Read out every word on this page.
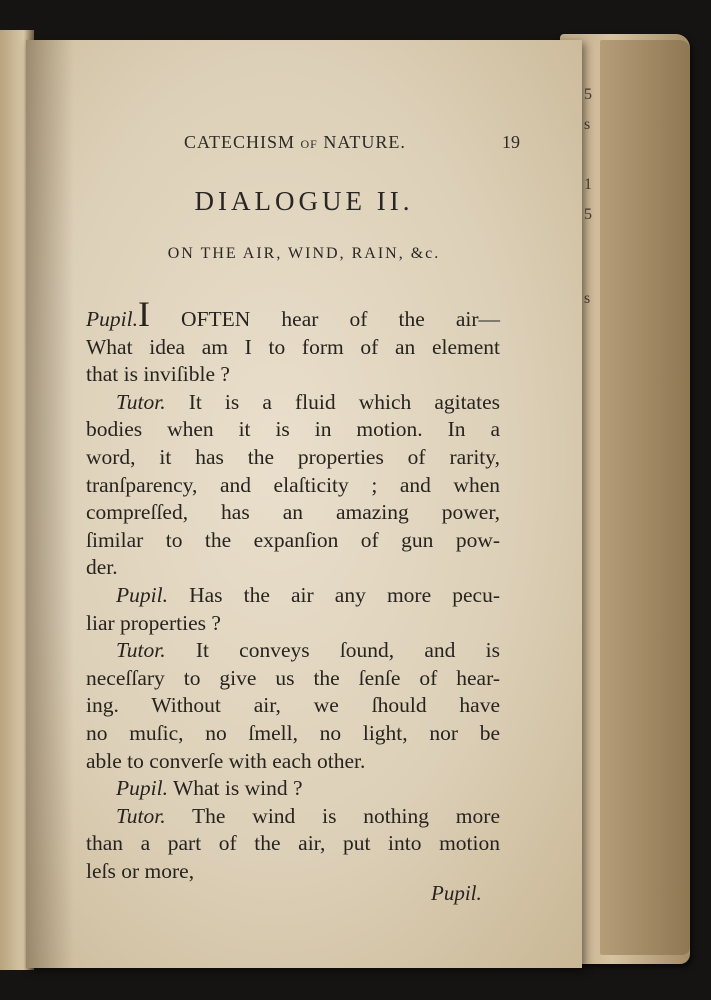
5
s
1
5
s
CATECHISM OF NATURE.	19
DIALOGUE II.
ON THE AIR, WIND, RAIN, &c.
Pupil.I OFTEN hear of the air—
What idea am I to form of an element
that is inviſible ?
Tutor. It is a fluid which agitates
bodies when it is in motion. In a
word, it has the properties of rarity,
tranſparency, and elaſticity ; and when
compreſſed, has an amazing power,
ſimilar to the expanſion of gun pow-
der.
Pupil. Has the air any more pecu-
liar properties ?
Tutor. It conveys ſound, and is
neceſſary to give us the ſenſe of hear-
ing. Without air, we ſhould have
no muſic, no ſmell, no light, nor be
able to converſe with each other.
Pupil. What is wind ?
Tutor. The wind is nothing more
than a part of the air, put into motion
leſs or more,
Pupil.
